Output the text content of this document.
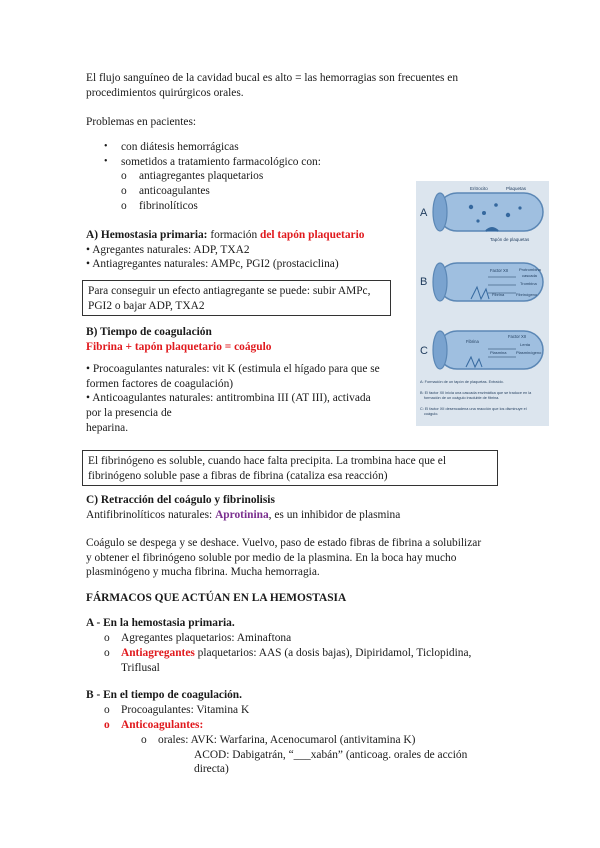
El flujo sanguíneo de la cavidad bucal es alto = las hemorragias son frecuentes en

procedimientos quirúrgicos orales.

Problemas en pacientes:

• con diátesis hemorrágicas
• sometidos a tratamiento farmacológico con:
o antiagregantes plaquetarios
o anticoagulantes
o fibrinolíticos

A) Hemostasia primaria: formación del tapón plaquetario

• Agregantes naturales: ADP, TXA2

• Antiagregantes naturales: AMPc, PGI2 (prostaciclina)

Para conseguir un efecto antiagregante se puede: subir AMPc,

PGI2 o bajar ADP, TXA2

B) Tiempo de coagulación

Fibrina + tapón plaquetario = coágulo

• Procoagulantes naturales: vit K (estimula el hígado para que se

formen factores de coagulación)

• Anticoagulantes naturales: antitrombina III (AT III), activada

por la presencia de

heparina.

El fibrinógeno es soluble, cuando hace falta precipita. La trombina hace que el

fibrinógeno soluble pase a fibras de fibrina (cataliza esa reacción)

C) Retracción del coágulo y fibrinolisis

Antifibrinolíticos naturales: Aprotinina, es un inhibidor de plasmina

Coágulo se despega y se deshace. Vuelvo, paso de estado fibras de fibrina a solubilizar

y obtener el fibrinógeno soluble por medio de la plasmina. En la boca hay mucho

plasminógeno y mucha fibrina. Mucha hemorragia.

FÁRMACOS QUE ACTÚAN EN LA HEMOSTASIA

A - En la hemostasia primaria.

o Agregantes plaquetarios: Aminaftona
o Antiagregantes plaquetarios: AAS (a dosis bajas), Dipiridamol, Ticlopidina,

Triflusal

B - En el tiempo de coagulación.

o Procoagulantes: Vitamina K
o Anticoagulantes:
o orales: AVK: Warfarina, Acenocumarol (antivitamina K)

ACOD: Dabigatrán, “___xabán” (anticoag. orales de acción

directa)

A
Eritrocito	Plaquetas
Tapón de plaquetas
B
Factor XII	Protrombina
cascada
Trombina
Fibrina	Fibrinógeno
C
Factor XII
Fibrina
Lenta
Plasmina Plasminógeno
A: Formación de un tapón de plaquetas. Extraído.
B: El factor XII inicia una cascada enzimática que se traduce en la
formación de un coágulo insoluble de fibrina.
C: El factor XII desencadena una reacción que los disminuye el
coágulo.
